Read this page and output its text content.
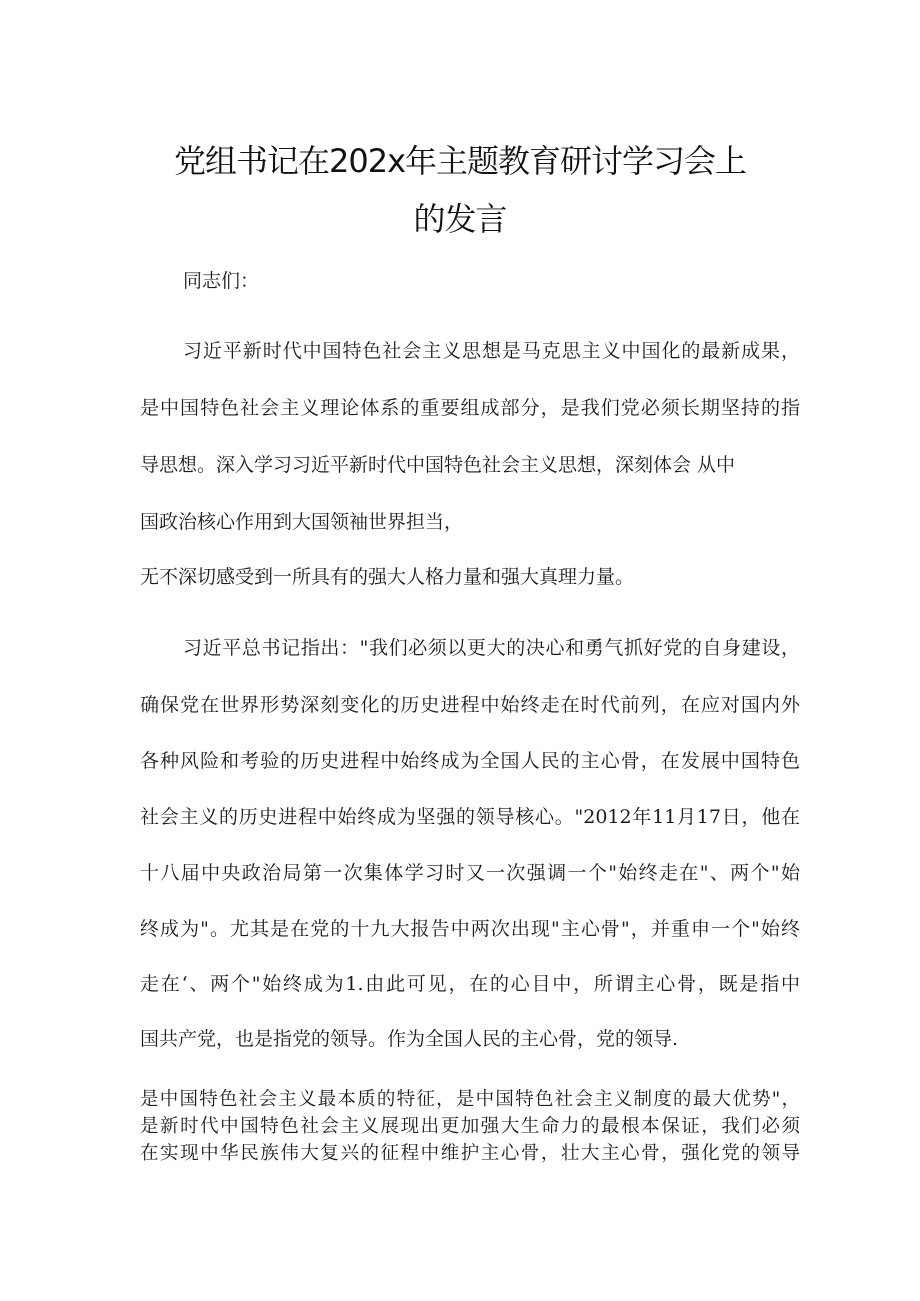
党组书记在202x年主题教育研讨学习会上
的发言
同志们：
习近平新时代中国特色社会主义思想是马克思主义中国化的最新成果，
是中国特色社会主义理论体系的重要组成部分，是我们党必须长期坚持的指
导思想。深入学习习近平新时代中国特色社会主义思想，深刻体会 从中
国政治核心作用到大国领袖世界担当，
无不深切感受到一所具有的强大人格力量和强大真理力量。
习近平总书记指出："我们必须以更大的决心和勇气抓好党的自身建设，
确保党在世界形势深刻变化的历史进程中始终走在时代前列，在应对国内外
各种风险和考验的历史进程中始终成为全国人民的主心骨，在发展中国特色
社会主义的历史进程中始终成为坚强的领导核心。"2012年11月17日，他在
十八届中央政治局第一次集体学习时又一次强调一个"始终走在"、两个"始
终成为"。尤其是在党的十九大报告中两次出现"主心骨"，并重申一个"始终
走在‘、两个"始终成为1.由此可见，在的心目中，所谓主心骨，既是指中
国共产党，也是指党的领导。作为全国人民的主心骨，党的领导.
是中国特色社会主义最本质的特征，是中国特色社会主义制度的最大优势"，
是新时代中国特色社会主义展现出更加强大生命力的最根本保证，我们必须
在实现中华民族伟大复兴的征程中维护主心骨，壮大主心骨，强化党的领导
